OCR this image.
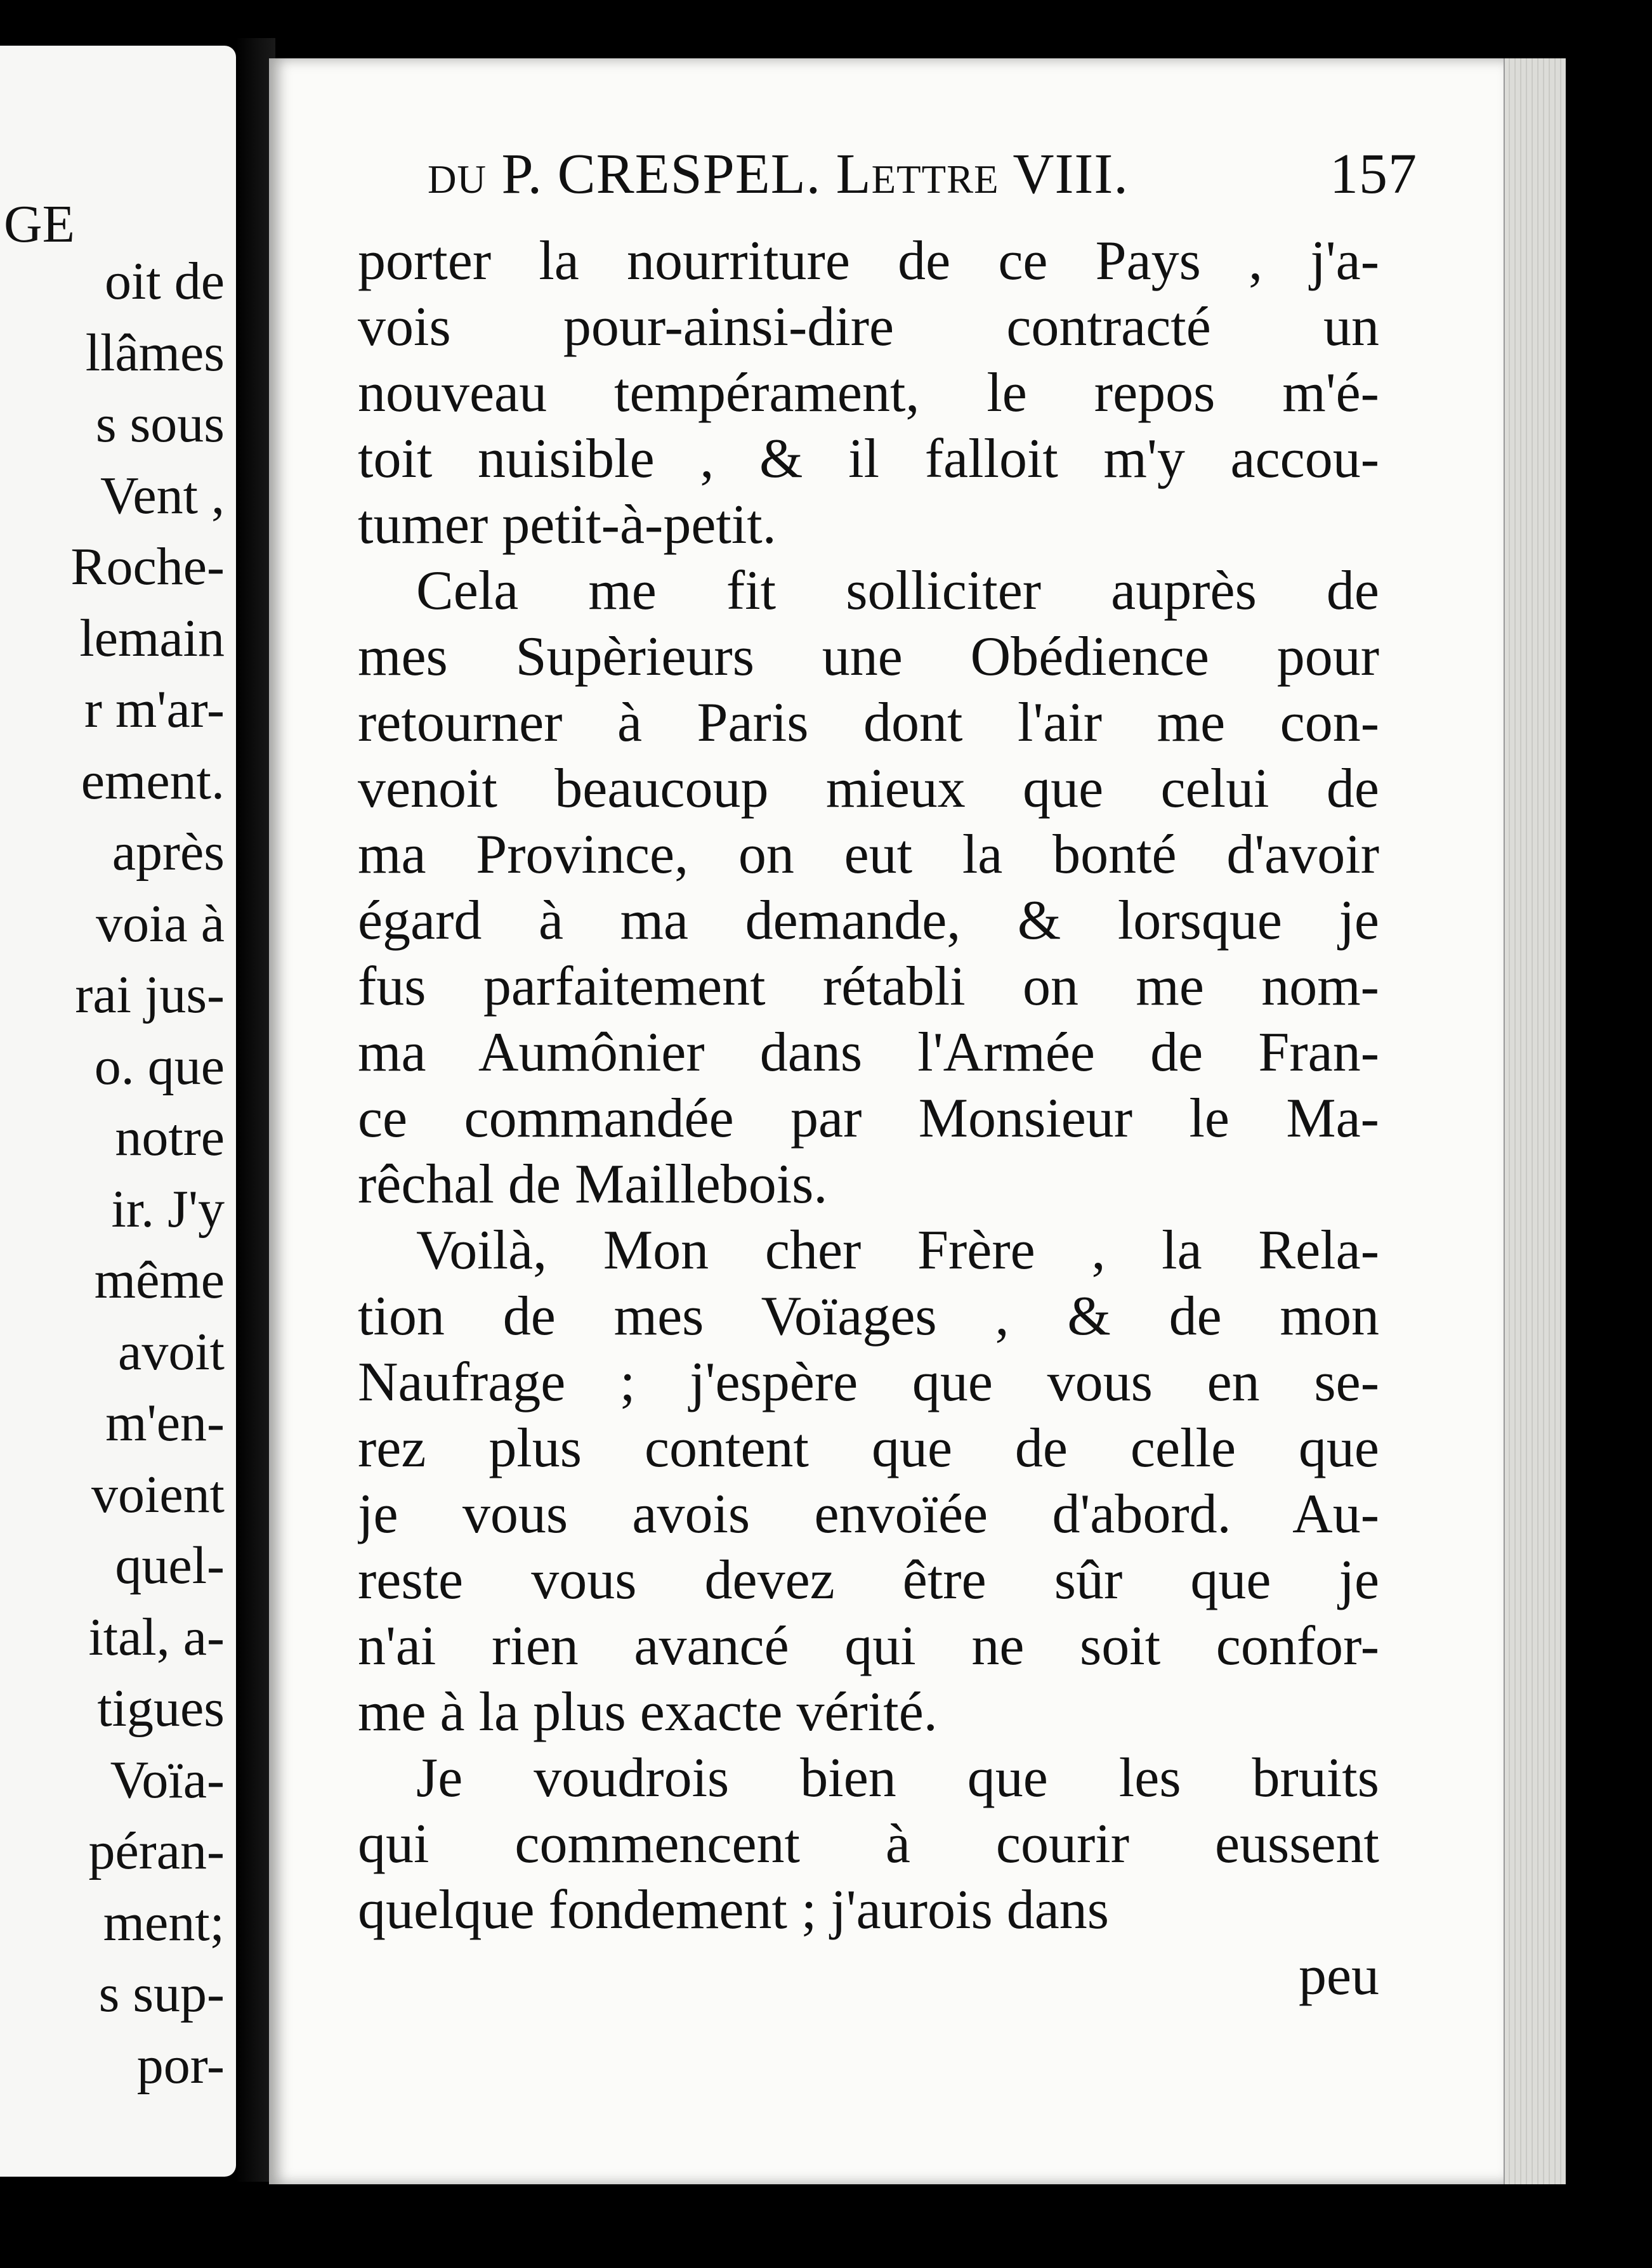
GE
oit de
llâmes
s sous
Vent ,
Roche-
lemain
r m'ar-
ement.
après
voia à
rai jus-
o. que
notre
ir. J'y
même
avoit
m'en-
voient
quel-
ital, a-
tigues
Voïa-
péran-
ment;
s sup-
por-
du P. CRESPEL. Lettre VIII.	157
porter la nourriture de ce Pays , j'a-
vois pour-ainsi-dire contracté un
nouveau tempérament, le repos m'é-
toit nuisible , & il falloit m'y accou-
tumer petit-à-petit.
Cela me fit solliciter auprès de
mes Supèrieurs une Obédience pour
retourner à Paris dont l'air me con-
venoit beaucoup mieux que celui de
ma Province, on eut la bonté d'avoir
égard à ma demande, & lorsque je
fus parfaitement rétabli on me nom-
ma Aumônier dans l'Armée de Fran-
ce commandée par Monsieur le Ma-
rêchal de Maillebois.
Voilà, Mon cher Frère , la Rela-
tion de mes Voïages , & de mon
Naufrage ; j'espère que vous en se-
rez plus content que de celle que
je vous avois envoïée d'abord. Au-
reste vous devez être sûr que je
n'ai rien avancé qui ne soit confor-
me à la plus exacte vérité.
Je voudrois bien que les bruits
qui commencent à courir eussent
quelque fondement ; j'aurois dans
peu
